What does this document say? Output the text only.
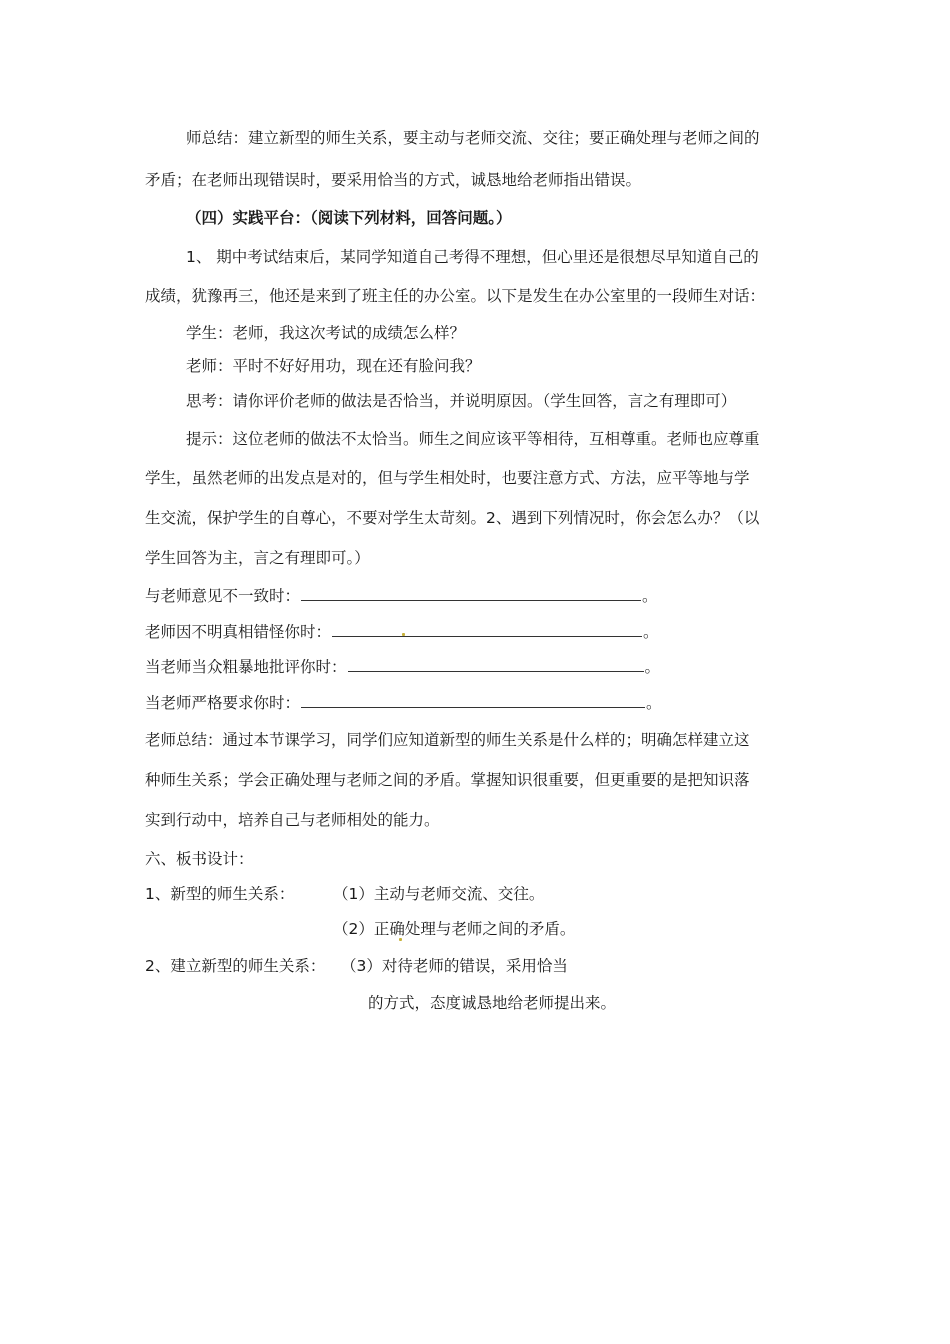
师总结：建立新型的师生关系，要主动与老师交流、交往；要正确处理与老师之间的
矛盾；在老师出现错误时，要采用恰当的方式，诚恳地给老师指出错误。
（四）实践平台：（阅读下列材料，回答问题。）
1、 期中考试结束后，某同学知道自己考得不理想，但心里还是很想尽早知道自己的
成绩，犹豫再三，他还是来到了班主任的办公室。以下是发生在办公室里的一段师生对话：
学生：老师，我这次考试的成绩怎么样？
老师：平时不好好用功，现在还有脸问我？
思考：请你评价老师的做法是否恰当，并说明原因。（学生回答，言之有理即可）
提示：这位老师的做法不太恰当。师生之间应该平等相待，互相尊重。老师也应尊重
学生，虽然老师的出发点是对的，但与学生相处时，也要注意方式、方法，应平等地与学
生交流，保护学生的自尊心，不要对学生太苛刻。2、遇到下列情况时，你会怎么办？（以
学生回答为主，言之有理即可。）
与老师意见不一致时：	。
老师因不明真相错怪你时：	。
当老师当众粗暴地批评你时：	。
当老师严格要求你时：	。
老师总结：通过本节课学习，同学们应知道新型的师生关系是什么样的；明确怎样建立这
种师生关系；学会正确处理与老师之间的矛盾。掌握知识很重要，但更重要的是把知识落
实到行动中，培养自己与老师相处的能力。
六、板书设计：
1、新型的师生关系： （1）主动与老师交流、交往。
（2）正确处理与老师之间的矛盾。
2、建立新型的师生关系： （3）对待老师的错误，采用恰当
的方式，态度诚恳地给老师提出来。
